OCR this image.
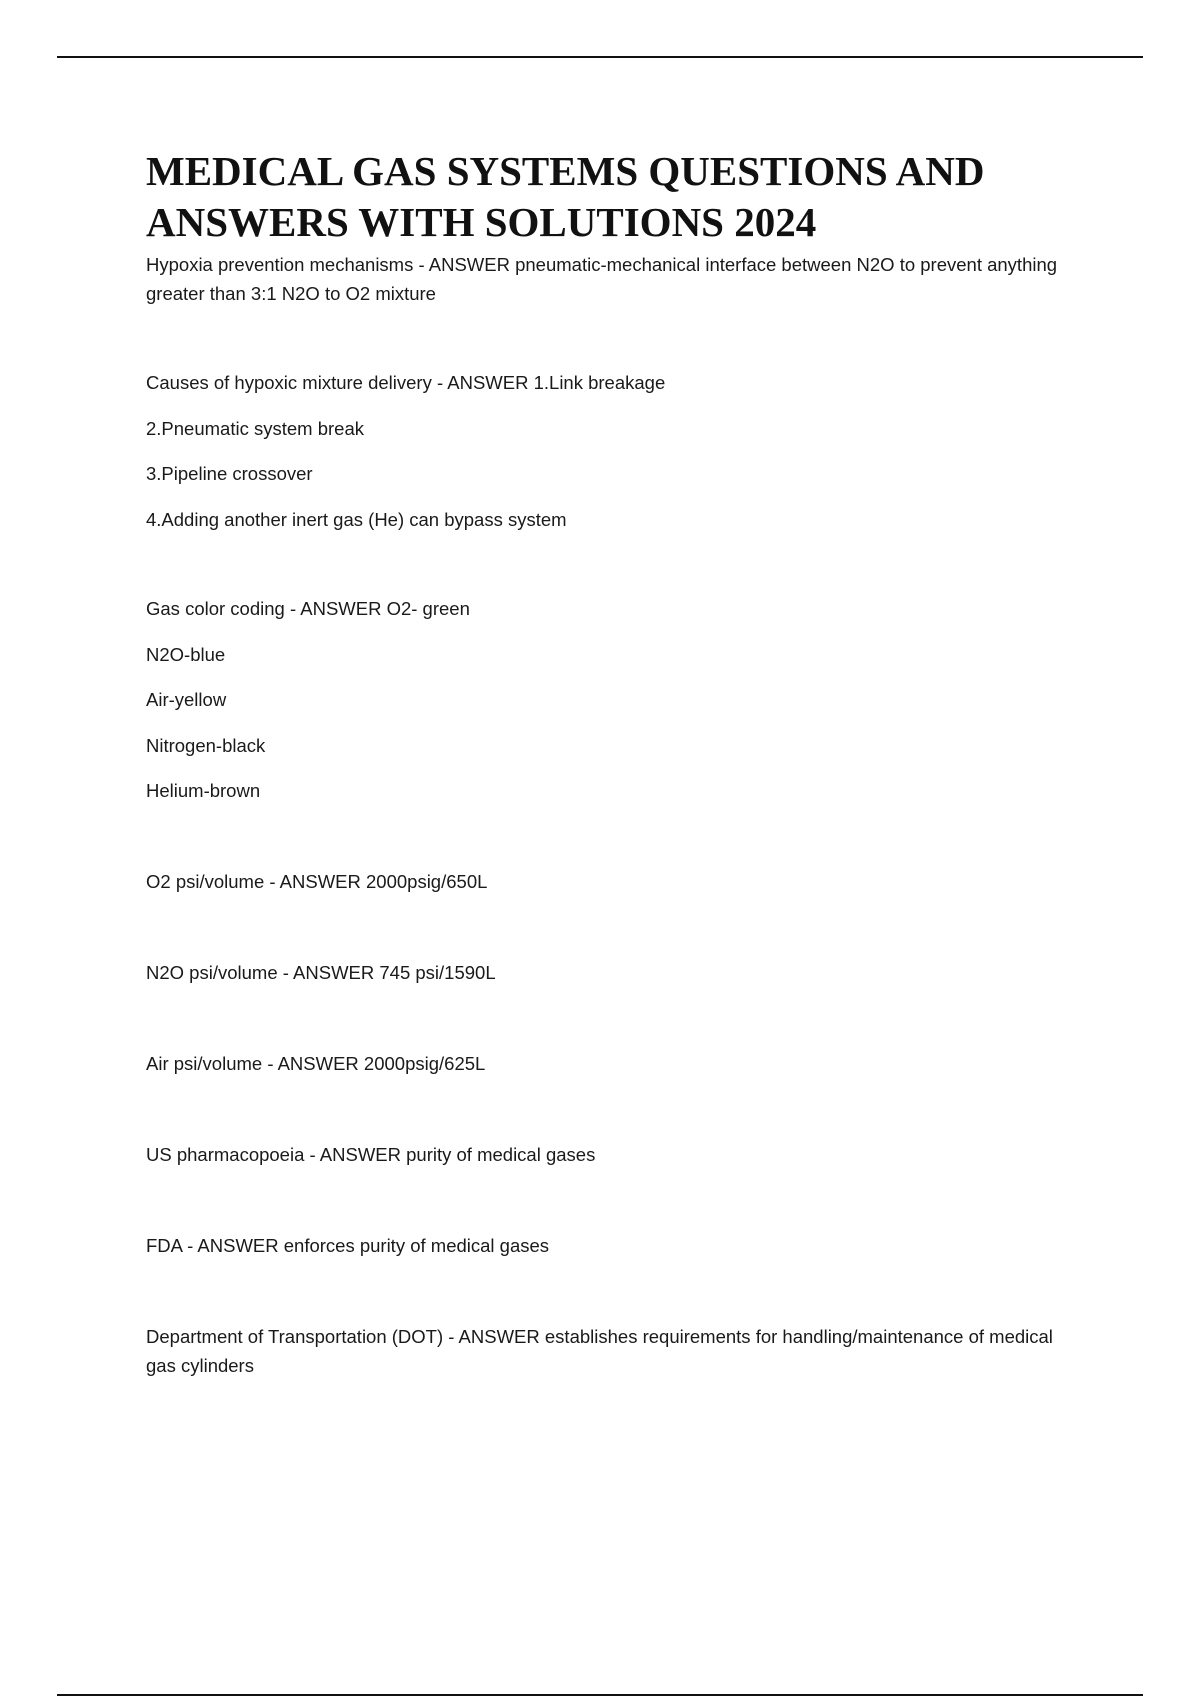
MEDICAL GAS SYSTEMS QUESTIONS AND
ANSWERS WITH SOLUTIONS 2024

Hypoxia prevention mechanisms - ANSWER pneumatic-mechanical interface between N2O to prevent anything greater than 3:1 N2O to O2 mixture

Causes of hypoxic mixture delivery - ANSWER 1.Link breakage

2.Pneumatic system break

3.Pipeline crossover

4.Adding another inert gas (He) can bypass system

Gas color coding - ANSWER O2- green

N2O-blue

Air-yellow

Nitrogen-black

Helium-brown

O2 psi/volume - ANSWER 2000psig/650L

N2O psi/volume - ANSWER 745 psi/1590L

Air psi/volume - ANSWER 2000psig/625L

US pharmacopoeia - ANSWER purity of medical gases

FDA - ANSWER enforces purity of medical gases

Department of Transportation (DOT) - ANSWER establishes requirements for handling/maintenance of medical gas cylinders
